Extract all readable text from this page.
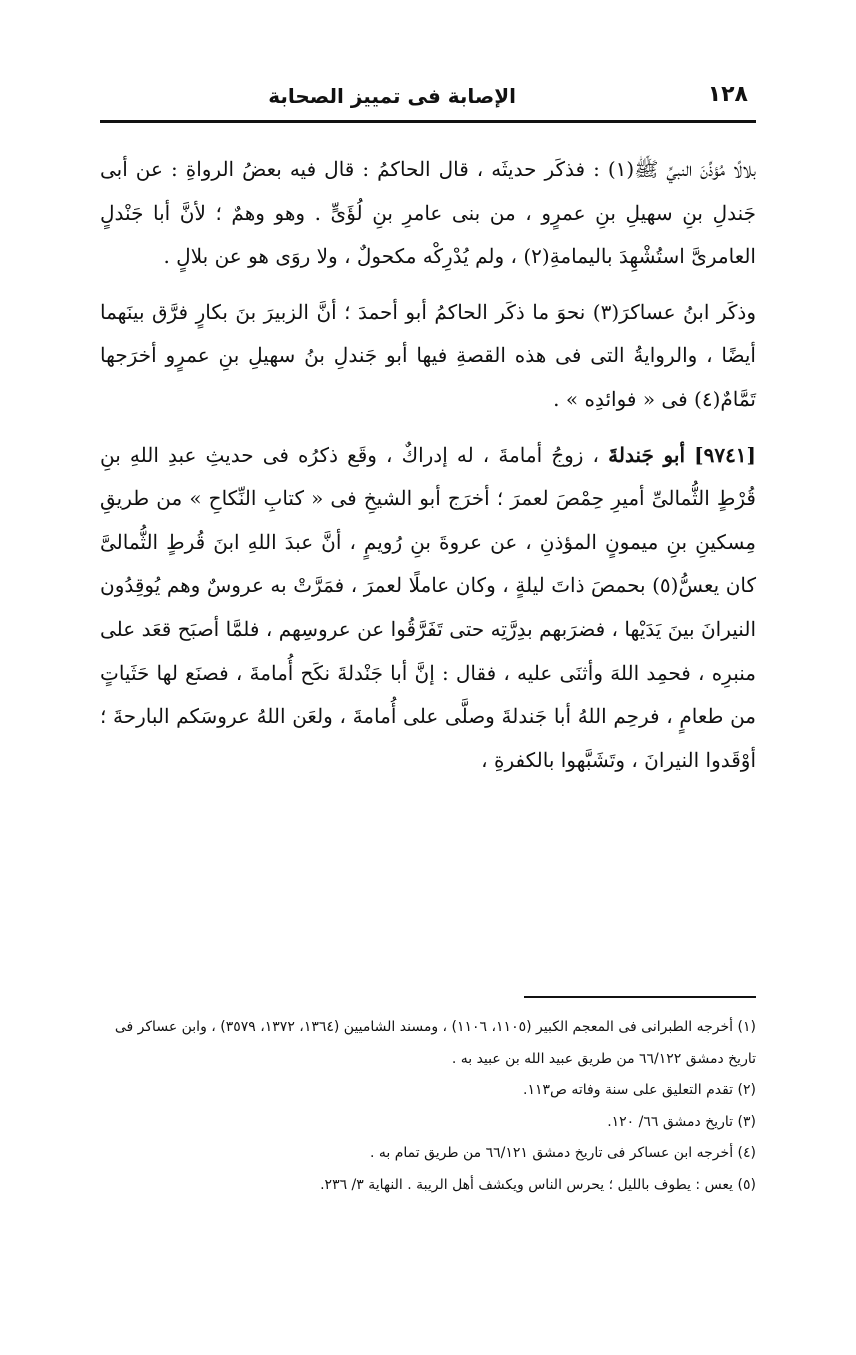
١٢٨
الإصابة فى تمييز الصحابة

بلالًا مُؤذِّنَ النبيِّ ﷺ(١) : فذكَر حديثَه ، قال الحاكمُ : قال فيه بعضُ الرواةِ : عن أبى جَندلِ بنِ سهيلِ بنِ عمرٍو ، من بنى عامرِ بنِ لُؤَىٍّ . وهو وهمٌ ؛ لأنَّ أبا جَنْدلٍ العامرىَّ استُشْهِدَ باليمامةِ(٢) ، ولم يُدْرِكْه مكحولٌ ، ولا روَى هو عن بلالٍ .

وذكَر ابنُ عساكرَ(٣) نحوَ ما ذكَر الحاكمُ أبو أحمدَ ؛ أنَّ الزبيرَ بنَ بكارٍ فرَّق بينَهما أيضًا ، والروايةُ التى فى هذه القصةِ فيها أبو جَندلِ بنُ سهيلِ بنِ عمرٍو أخرَجها تَمَّامٌ(٤) فى « فوائدِه » .

[٩٧٤١] أبو جَندلةَ ، زوجُ أمامةَ ، له إدراكٌ ، وقَع ذكرُه فى حديثِ عبدِ اللهِ بنِ قُرْطٍ الثُّمالىِّ أميرِ حِمْصَ لعمرَ ؛ أخرَج أبو الشيخِ فى « كتابِ النِّكاحِ » من طريقِ مِسكينِ بنِ ميمونٍ المؤذنِ ، عن عروةَ بنِ رُويمٍ ، أنَّ عبدَ اللهِ ابنَ قُرطٍ الثُّمالىَّ كان يعسُّ(٥) بحمصَ ذاتَ ليلةٍ ، وكان عاملًا لعمرَ ، فمَرَّتْ به عروسٌ وهم يُوقِدُون النيرانَ بينَ يَدَيْها ، فضرَبهم بدِرَّتِه حتى تَفَرَّقُوا عن عروسِهم ، فلمَّا أصبَح قعَد على منبرِه ، فحمِد اللهَ وأثنَى عليه ، فقال : إنَّ أبا جَنْدلةَ نكَح أُمامةَ ، فصنَع لها حَثَياتٍ من طعامٍ ، فرحِم اللهُ أبا جَندلةَ وصلَّى على أُمامةَ ، ولعَن اللهُ عروسَكم البارحةَ ؛ أوْقَدوا النيرانَ ، وتَشَبَّهوا بالكفرةِ ،

(١) أخرجه الطبرانى فى المعجم الكبير (١١٠٥، ١١٠٦) ، ومسند الشاميين (١٣٦٤، ١٣٧٢، ٣٥٧٩) ، وابن عساكر فى تاريخ دمشق ٦٦/١٢٢ من طريق عبيد الله بن عبيد به .

(٢) تقدم التعليق على سنة وفاته ص١١٣.

(٣) تاريخ دمشق ٦٦/ ١٢٠.

(٤) أخرجه ابن عساكر فى تاريخ دمشق ٦٦/١٢١ من طريق تمام به .

(٥) يعس : يطوف بالليل ؛ يحرس الناس ويكشف أهل الريبة . النهاية ٣/ ٢٣٦.
